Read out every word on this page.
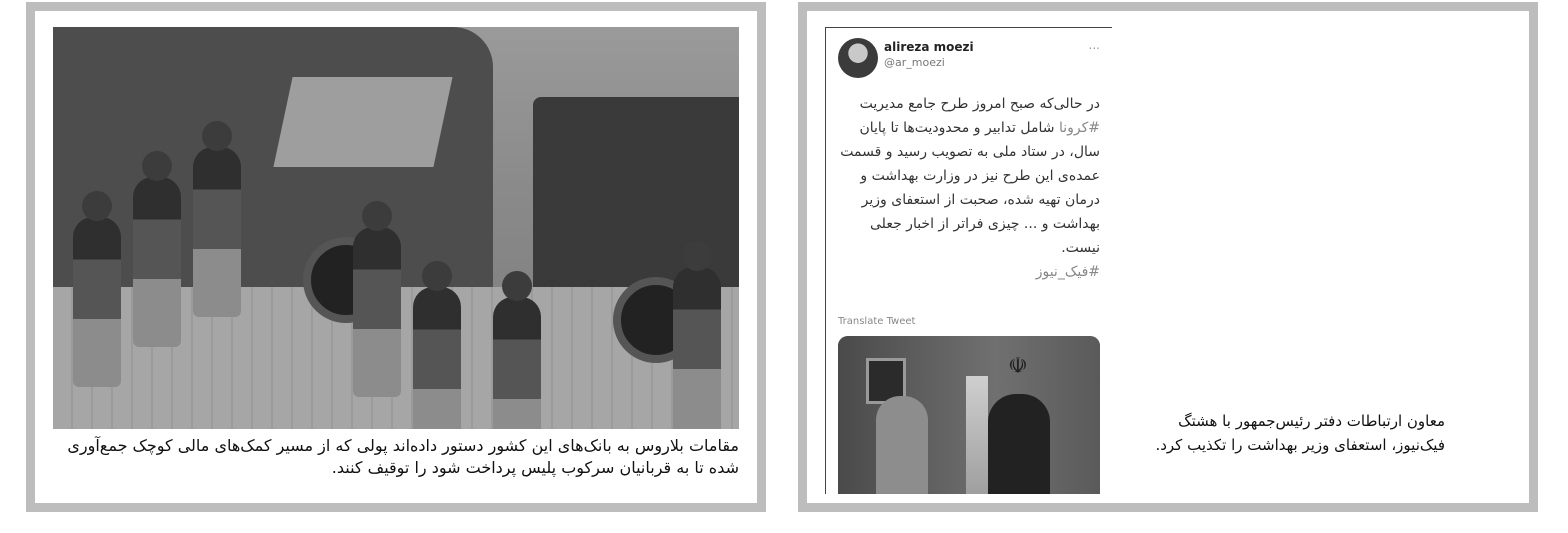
مقامات بلاروس به بانک‌های این کشور دستور داده‌اند پولی که از مسیر کمک‌های مالی کوچک جمع‌آوری شده تا به قربانیان سرکوب پلیس پرداخت شود را توقیف کنند.
alireza moezi
@ar_moezi
...
در حالی‌که صبح امروز طرح جامع مدیریت #کرونا شامل تدابیر و محدودیت‌ها تا پایان سال، در ستاد ملی به تصویب رسید و قسمت عمده‌ی این طرح نیز در وزارت بهداشت و درمان تهیه شده، صحبت از استعفای وزیر بهداشت و ... چیزی فراتر از اخبار جعلی نیست.
#فیک_نیوز
Translate Tweet
☫
معاون ارتباطات دفتر رئیس‌جمهور با هشتگ فیک‌نیوز، استعفای وزیر بهداشت را تکذیب کرد.
